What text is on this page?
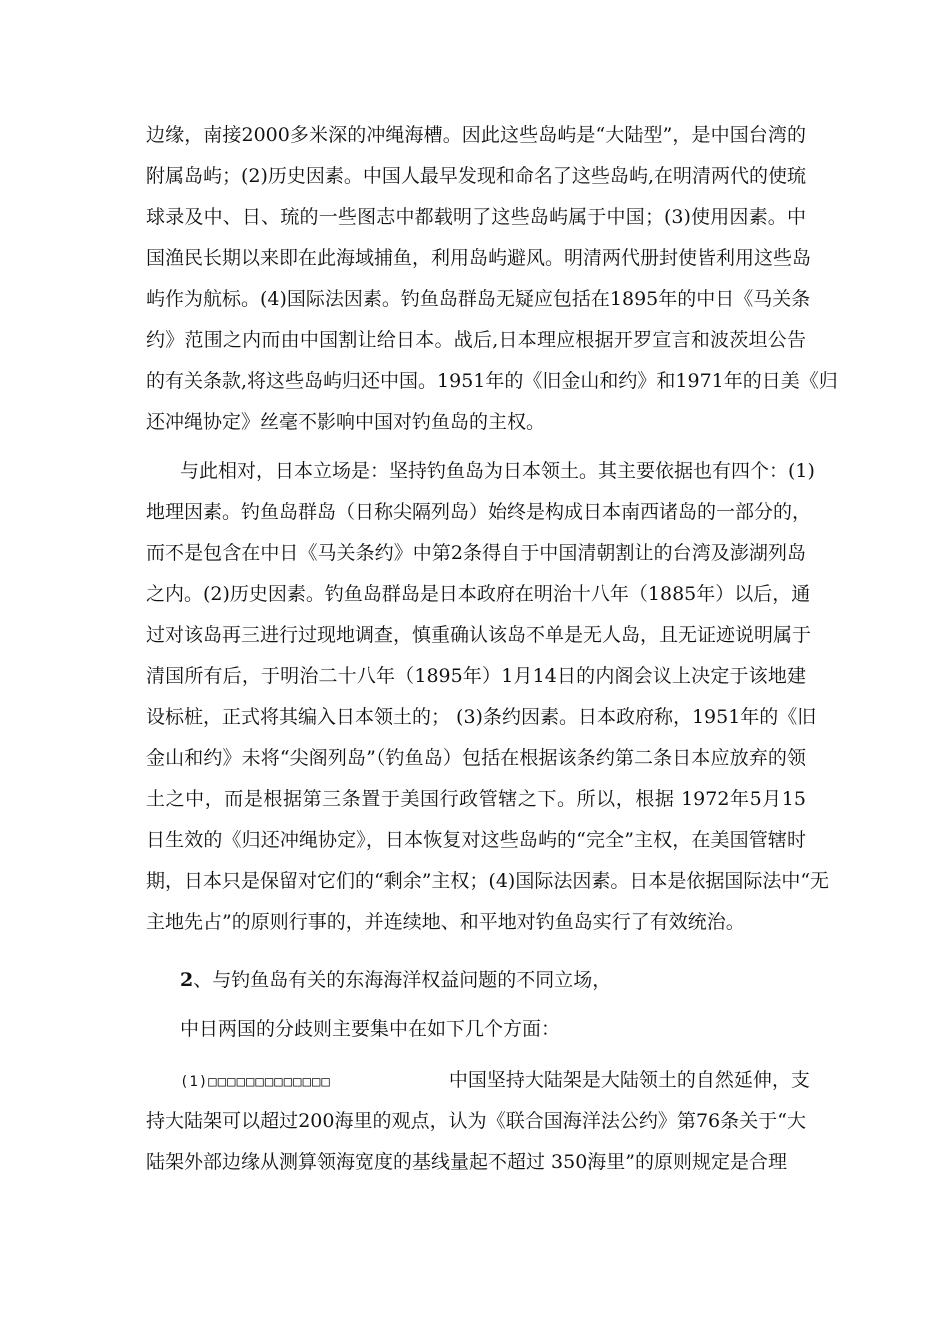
边缘，南接2000多米深的冲绳海槽。因此这些岛屿是“大陆型”，是中国台湾的
附属岛屿；(2)历史因素。中国人最早发现和命名了这些岛屿,在明清两代的使琉
球录及中、日、琉的一些图志中都载明了这些岛屿属于中国；(3)使用因素。中
国渔民长期以来即在此海域捕鱼，利用岛屿避风。明清两代册封使皆利用这些岛
屿作为航标。(4)国际法因素。钓鱼岛群岛无疑应包括在1895年的中日《马关条
约》范围之内而由中国割让给日本。战后,日本理应根据开罗宣言和波茨坦公告
的有关条款,将这些岛屿归还中国。1951年的《旧金山和约》和1971年的日美《归
还冲绳协定》丝毫不影响中国对钓鱼岛的主权。
与此相对，日本立场是：坚持钓鱼岛为日本领土。其主要依据也有四个：(1)
地理因素。钓鱼岛群岛（日称尖隔列岛）始终是构成日本南西诸岛的一部分的，
而不是包含在中日《马关条约》中第2条得自于中国清朝割让的台湾及澎湖列岛
之内。(2)历史因素。钓鱼岛群岛是日本政府在明治十八年（1885年）以后，通
过对该岛再三进行过现地调查，慎重确认该岛不单是无人岛，且无证迹说明属于
清国所有后，于明治二十八年（1895年）1月14日的内阁会议上决定于该地建
设标桩，正式将其编入日本领土的； (3)条约因素。日本政府称，1951年的《旧
金山和约》未将“尖阁列岛”（钓鱼岛）包括在根据该条约第二条日本应放弃的领
土之中，而是根据第三条置于美国行政管辖之下。所以，根据 1972年5月15
日生效的《归还冲绳协定》，日本恢复对这些岛屿的“完全”主权，在美国管辖时
期，日本只是保留对它们的“剩余”主权；(4)国际法因素。日本是依据国际法中“无
主地先占”的原则行事的，并连续地、和平地对钓鱼岛实行了有效统治。
2、与钓鱼岛有关的东海海洋权益问题的不同立场，
中日两国的分歧则主要集中在如下几个方面：
(1)□□□□□□□□□□□□□	中国坚持大陆架是大陆领土的自然延伸，支
持大陆架可以超过200海里的观点，认为《联合国海洋法公约》第76条关于“大
陆架外部边缘从测算领海宽度的基线量起不超过 350海里”的原则规定是合理
